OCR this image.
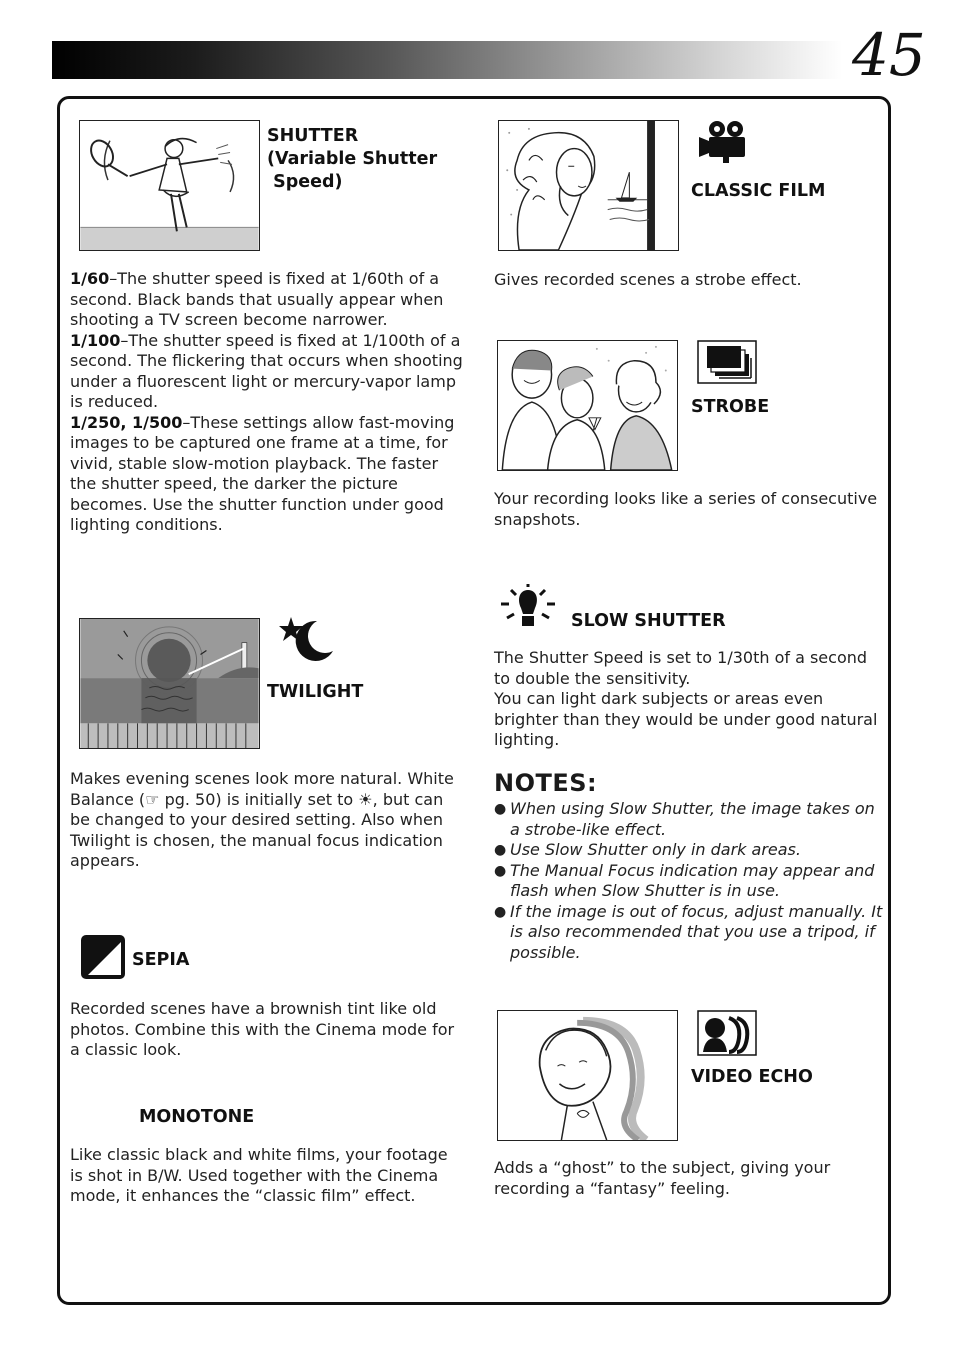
45
SHUTTER
(Variable Shutter
Speed)

1/60–The shutter speed is fixed at 1/60th of a second. Black bands that usually appear when shooting a TV screen become narrower.

1/100–The shutter speed is fixed at 1/100th of a second. The flickering that occurs when shooting under a fluorescent light or mercury-vapor lamp is reduced.

1/250, 1/500–These settings allow fast-moving images to be captured one frame at a time, for vivid, stable slow-motion playback. The faster the shutter speed, the darker the picture becomes. Use the shutter function under good lighting conditions.

TWILIGHT
Makes evening scenes look more natural. White Balance (☞ pg. 50) is initially set to ☀, but can be changed to your desired setting. Also when Twilight is chosen, the manual focus indication appears.
SEPIA
Recorded scenes have a brownish tint like old photos. Combine this with the Cinema mode for a classic look.
MONOTONE
Like classic black and white films, your footage is shot in B/W. Used together with the Cinema mode, it enhances the “classic film” effect.
CLASSIC FILM
Gives recorded scenes a strobe effect.
STROBE
Your recording looks like a series of consecutive snapshots.
SLOW SHUTTER

The Shutter Speed is set to 1/30th of a second to double the sensitivity.

You can light dark subjects or areas even brighter than they would be under good natural lighting.

NOTES:
● When using Slow Shutter, the image takes on a strobe-like effect.
● Use Slow Shutter only in dark areas.
● The Manual Focus indication may appear and flash when Slow Shutter is in use.
● If the image is out of focus, adjust manually. It is also recommended that you use a tripod, if possible.
VIDEO ECHO
Adds a “ghost” to the subject, giving your recording a “fantasy” feeling.
